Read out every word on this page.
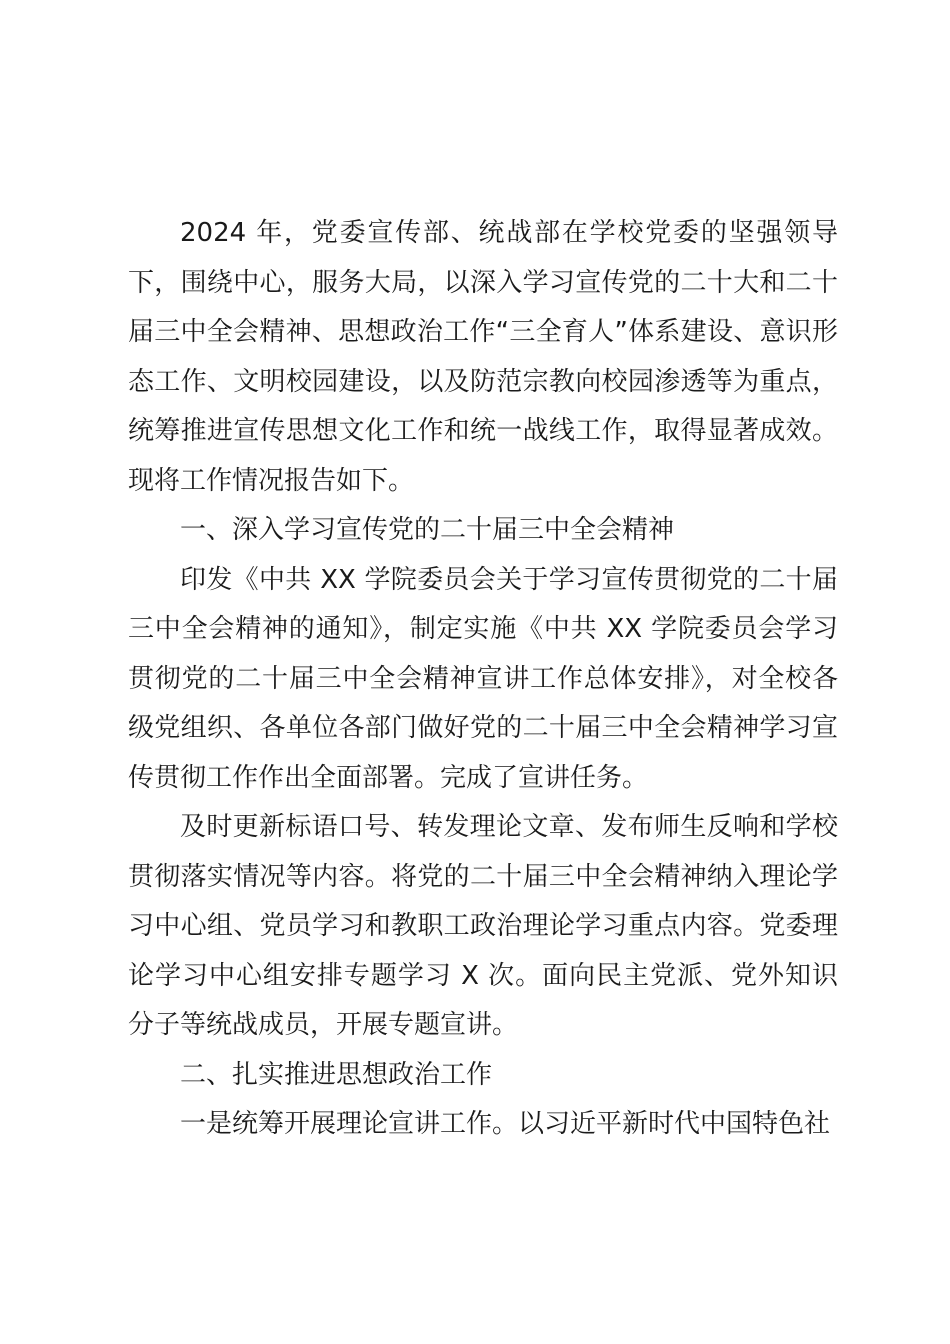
2024 年，党委宣传部、统战部在学校党委的坚强领导下，围绕中心，服务大局，以深入学习宣传党的二十大和二十届三中全会精神、思想政治工作“三全育人”体系建设、意识形态工作、文明校园建设，以及防范宗教向校园渗透等为重点，统筹推进宣传思想文化工作和统一战线工作，取得显著成效。现将工作情况报告如下。

一、深入学习宣传党的二十届三中全会精神

印发《中共 XX 学院委员会关于学习宣传贯彻党的二十届三中全会精神的通知》，制定实施《中共 XX 学院委员会学习贯彻党的二十届三中全会精神宣讲工作总体安排》，对全校各级党组织、各单位各部门做好党的二十届三中全会精神学习宣传贯彻工作作出全面部署。完成了宣讲任务。

及时更新标语口号、转发理论文章、发布师生反响和学校贯彻落实情况等内容。将党的二十届三中全会精神纳入理论学习中心组、党员学习和教职工政治理论学习重点内容。党委理论学习中心组安排专题学习 X 次。面向民主党派、党外知识分子等统战成员，开展专题宣讲。

二、扎实推进思想政治工作

一是统筹开展理论宣讲工作。以习近平新时代中国特色社
